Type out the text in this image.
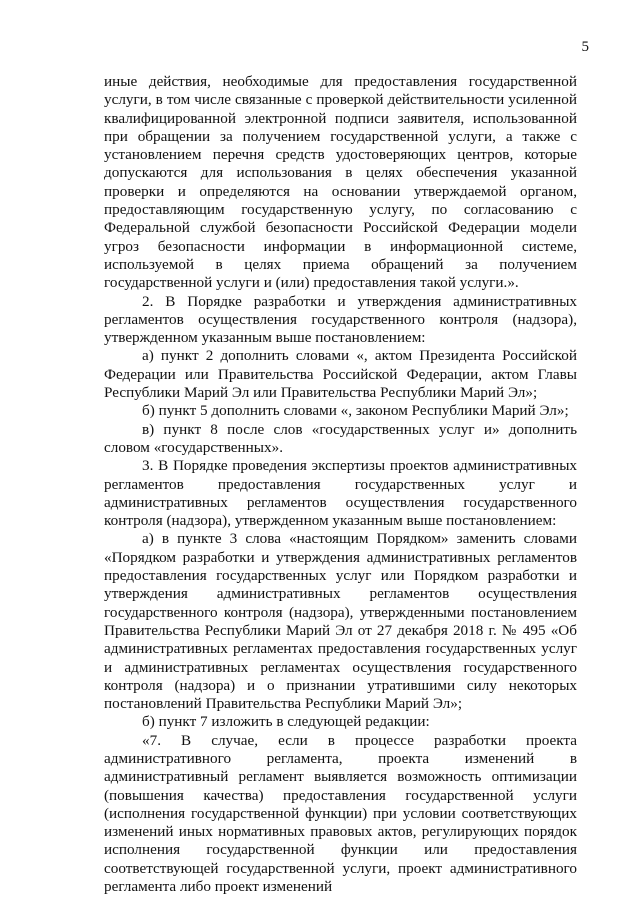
5

иные действия, необходимые для предоставления государственной услуги, в том числе связанные с проверкой действительности усиленной квалифицированной электронной подписи заявителя, использованной при обращении за получением государственной услуги, а также с установлением перечня средств удостоверяющих центров, которые допускаются для использования в целях обеспечения указанной проверки и определяются на основании утверждаемой органом, предоставляющим государственную услугу, по согласованию с Федеральной службой безопасности Российской Федерации модели угроз безопасности информации в информационной системе, используемой в целях приема обращений за получением государственной услуги и (или) предоставления такой услуги.».

2. В Порядке разработки и утверждения административных регламентов осуществления государственного контроля (надзора), утвержденном указанным выше постановлением:

а) пункт 2 дополнить словами «, актом Президента Российской Федерации или Правительства Российской Федерации, актом Главы Республики Марий Эл или Правительства Республики Марий Эл»;

б) пункт 5 дополнить словами «, законом Республики Марий Эл»;

в) пункт 8 после слов «государственных услуг и» дополнить словом «государственных».

3. В Порядке проведения экспертизы проектов административных регламентов предоставления государственных услуг и административных регламентов осуществления государственного контроля (надзора), утвержденном указанным выше постановлением:

а) в пункте 3 слова «настоящим Порядком» заменить словами «Порядком разработки и утверждения административных регламентов предоставления государственных услуг или Порядком разработки и утверждения административных регламентов осуществления государственного контроля (надзора), утвержденными постановлением Правительства Республики Марий Эл от 27 декабря 2018 г. № 495 «Об административных регламентах предоставления государственных услуг и административных регламентах осуществления государственного контроля (надзора) и о признании утратившими силу некоторых постановлений Правительства Республики Марий Эл»;

б) пункт 7 изложить в следующей редакции:

«7. В случае, если в процессе разработки проекта административного регламента, проекта изменений в административный регламент выявляется возможность оптимизации (повышения качества) предоставления государственной услуги (исполнения государственной функции) при условии соответствующих изменений иных нормативных правовых актов, регулирующих порядок исполнения государственной функции или предоставления соответствующей государственной услуги, проект административного регламента либо проект изменений
